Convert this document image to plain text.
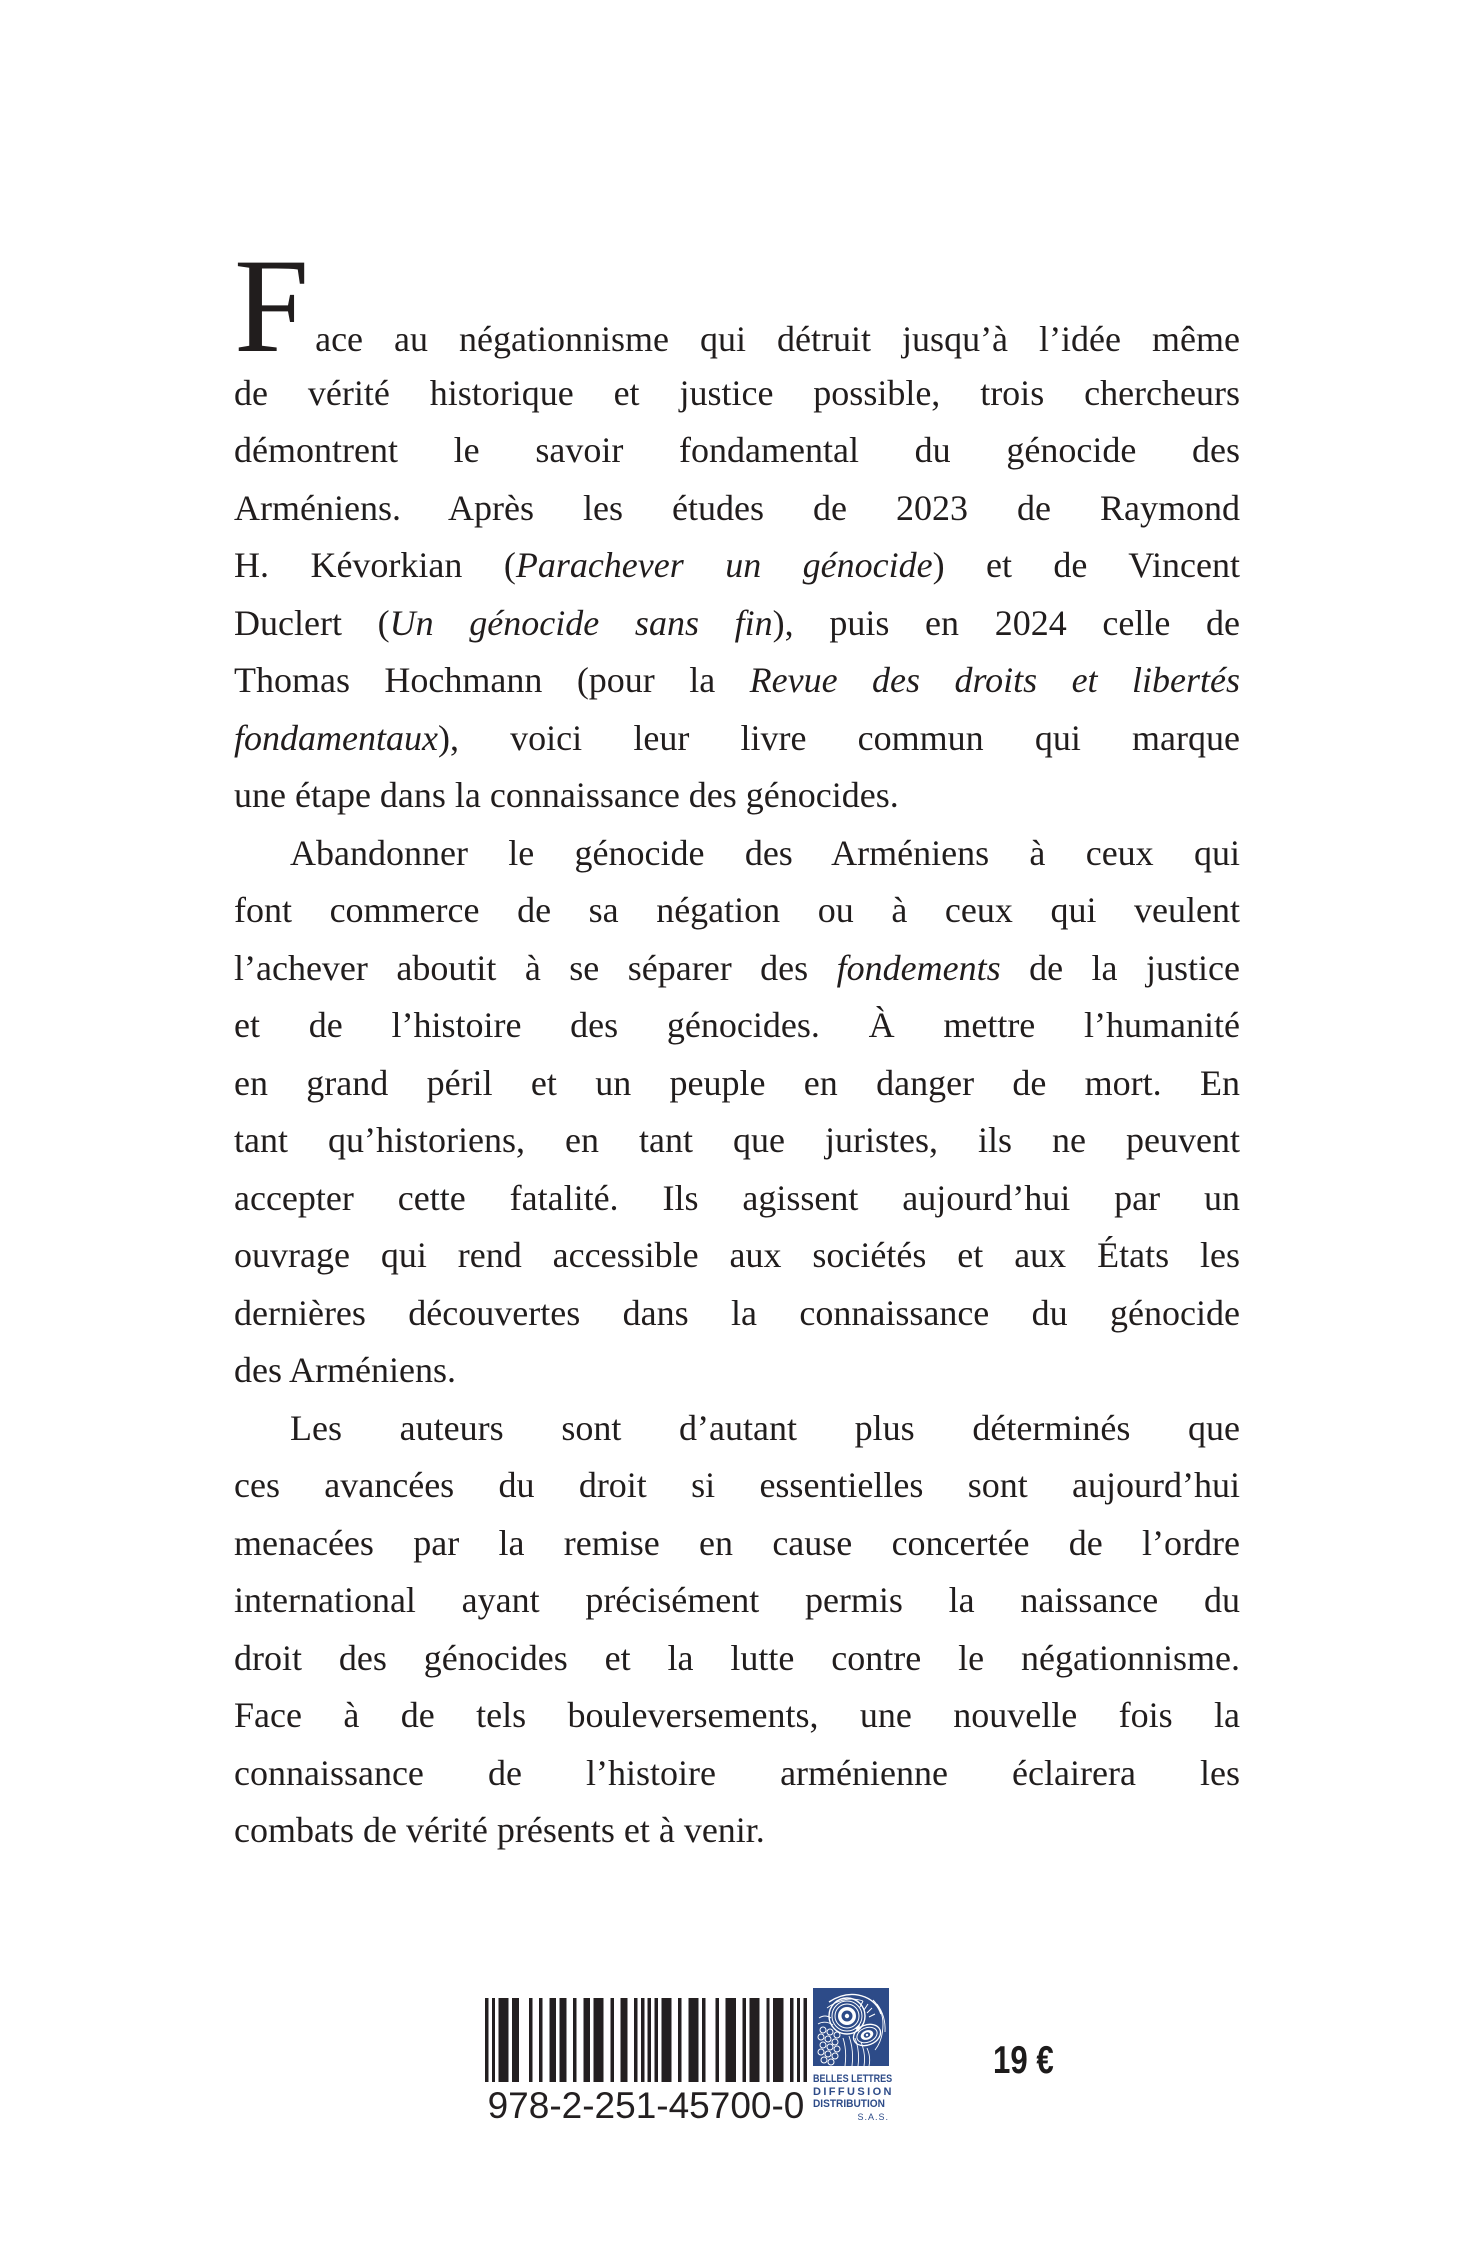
Face au négationnisme qui détruit jusqu’à l’idée même
de vérité historique et justice possible, trois chercheurs
démontrent le savoir fondamental du génocide des
Arméniens. Après les études de 2023 de Raymond
H. Kévorkian (Parachever un génocide) et de Vincent
Duclert (Un génocide sans fin), puis en 2024 celle de
Thomas Hochmann (pour la Revue des droits et libertés
fondamentaux), voici leur livre commun qui marque
une étape dans la connaissance des génocides.
Abandonner le génocide des Arméniens à ceux qui
font commerce de sa négation ou à ceux qui veulent
l’achever aboutit à se séparer des fondements de la justice
et de l’histoire des génocides. À mettre l’humanité
en grand péril et un peuple en danger de mort. En
tant qu’historiens, en tant que juristes, ils ne peuvent
accepter cette fatalité. Ils agissent aujourd’hui par un
ouvrage qui rend accessible aux sociétés et aux États les
dernières découvertes dans la connaissance du génocide
des Arméniens.
Les auteurs sont d’autant plus déterminés que
ces avancées du droit si essentielles sont aujourd’hui
menacées par la remise en cause concertée de l’ordre
international ayant précisément permis la naissance du
droit des génocides et la lutte contre le négationnisme.
Face à de tels bouleversements, une nouvelle fois la
connaissance de l’histoire arménienne éclairera les
combats de vérité présents et à venir.
978-2-251-45700-0
BELLES LETTRES
DIFFUSION
DISTRIBUTION
S.A.S.
19 €
